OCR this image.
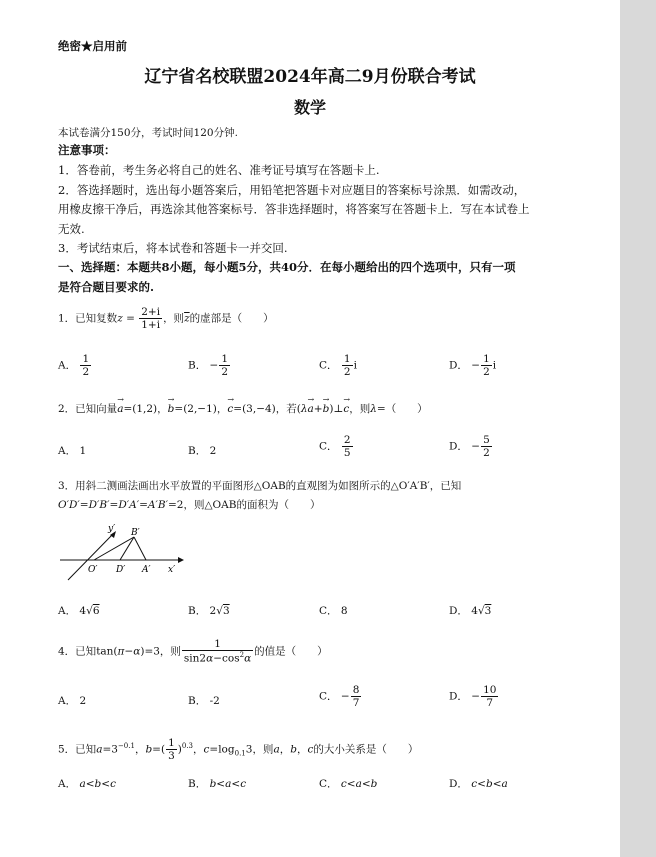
绝密★启用前
辽宁省名校联盟2024年高二9月份联合考试
数学
本试卷满分150分，考试时间120分钟.
注意事项：
1．答卷前，考生务必将自己的姓名、准考证号填写在答题卡上.
2．答选择题时，选出每小题答案后，用铅笔把答题卡对应题目的答案标号涂黑．如需改动，
用橡皮擦干净后，再选涂其他答案标号．答非选择题时，将答案写在答题卡上．写在本试卷上
无效.
3．考试结束后，将本试卷和答题卡一并交回.
一、选择题：本题共8小题，每小题5分，共40分．在每小题给出的四个选项中，只有一项
是符合题目要求的.
1．已知复数$z = \frac{2+i}{1+i}$ ，则$\overline{z}$的虚部是（　　）
A． $\frac{1}{2}$	B． − $\frac{1}{2}$	C． $\frac{1}{2}$ i	D． − $\frac{1}{2}$ i
2．已知向量→ a=(1,2)，→ b=(2,−1)，→ c=(3,−4)，若(λ→ a+→ b)⊥→ c，则λ=（　　）
A． 1	B． 2	C． $\frac{2}{5}$	D． − $\frac{5}{2}$
3．用斜二测画法画出水平放置的平面图形△OAB的直观图为如图所示的△O′A′B′，已知
O′D′=D′B′=D′A′=A′B′=2，则△OAB的面积为（　　）
y′ B′
O′ D′ A′ x′
A． 4√6	B． 2√3	C． 8	D． 4√3
4．已知tan(π−α)=3，则 $\frac{1}{\sin 2\alpha-\cos^2\alpha}$ 的值是（　　）
A． 2	B． -2	C． − $\frac{8}{7}$	D． − $\frac{10}{7}$
5．已知$a=3^{-0.1}$，$b=( \frac{1}{3} )^{0.3}$，$c=\log_{0.1}3$，则a，b，c的大小关系是（　　）
A． a<b<c	B． b<a<c	C． c<a<b	D． c<b<a
